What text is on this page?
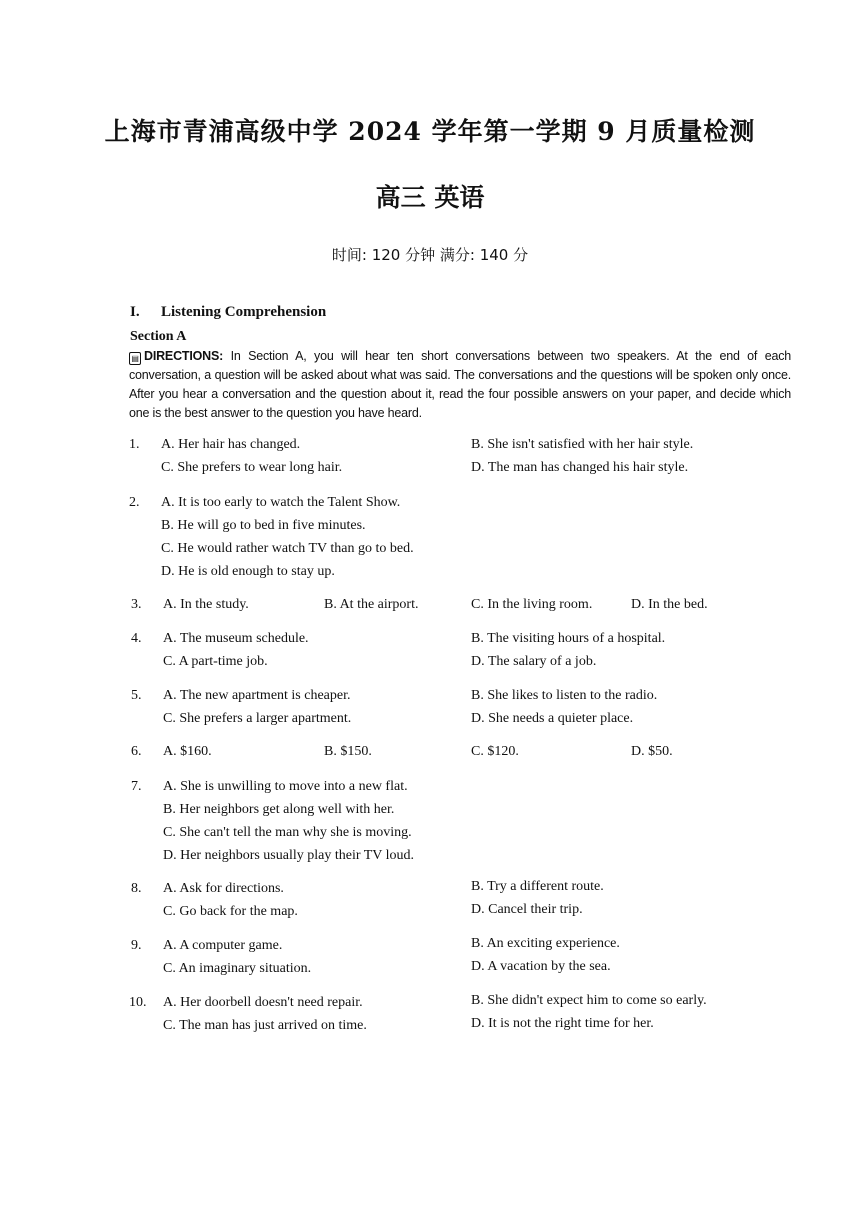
上海市青浦高级中学 2024 学年第一学期 9 月质量检测
高三 英语
时间: 120 分钟 满分: 140 分
I. Listening Comprehension
Section A
▤ DIRECTIONS: In Section A, you will hear ten short conversations between two speakers. At the end of each conversation, a question will be asked about what was said. The conversations and the questions will be spoken only once. After you hear a conversation and the question about it, read the four possible answers on your paper, and decide which one is the best answer to the question you have heard.
1. A. Her hair has changed.	B. She isn't satisfied with her hair style.
C. She prefers to wear long hair.	D. The man has changed his hair style.
2. A. It is too early to watch the Talent Show.
B. He will go to bed in five minutes.
C. He would rather watch TV than go to bed.
D. He is old enough to stay up.
3. A. In the study.	B. At the airport.	C. In the living room.	D. In the bed.
4. A. The museum schedule.	B. The visiting hours of a hospital.
C. A part-time job.	D. The salary of a job.
5. A. The new apartment is cheaper.	B. She likes to listen to the radio.
C. She prefers a larger apartment.	D. She needs a quieter place.
6. A. $160.	B. $150.	C. $120.	D. $50.
7. A. She is unwilling to move into a new flat.
B. Her neighbors get along well with her.
C. She can't tell the man why she is moving.
D. Her neighbors usually play their TV loud.
8. A. Ask for directions.	B. Try a different route.
C. Go back for the map.	D. Cancel their trip.
9. A. A computer game.	B. An exciting experience.
C. An imaginary situation.	D. A vacation by the sea.
10. A. Her doorbell doesn't need repair.	B. She didn't expect him to come so early.
C. The man has just arrived on time.	D. It is not the right time for her.
